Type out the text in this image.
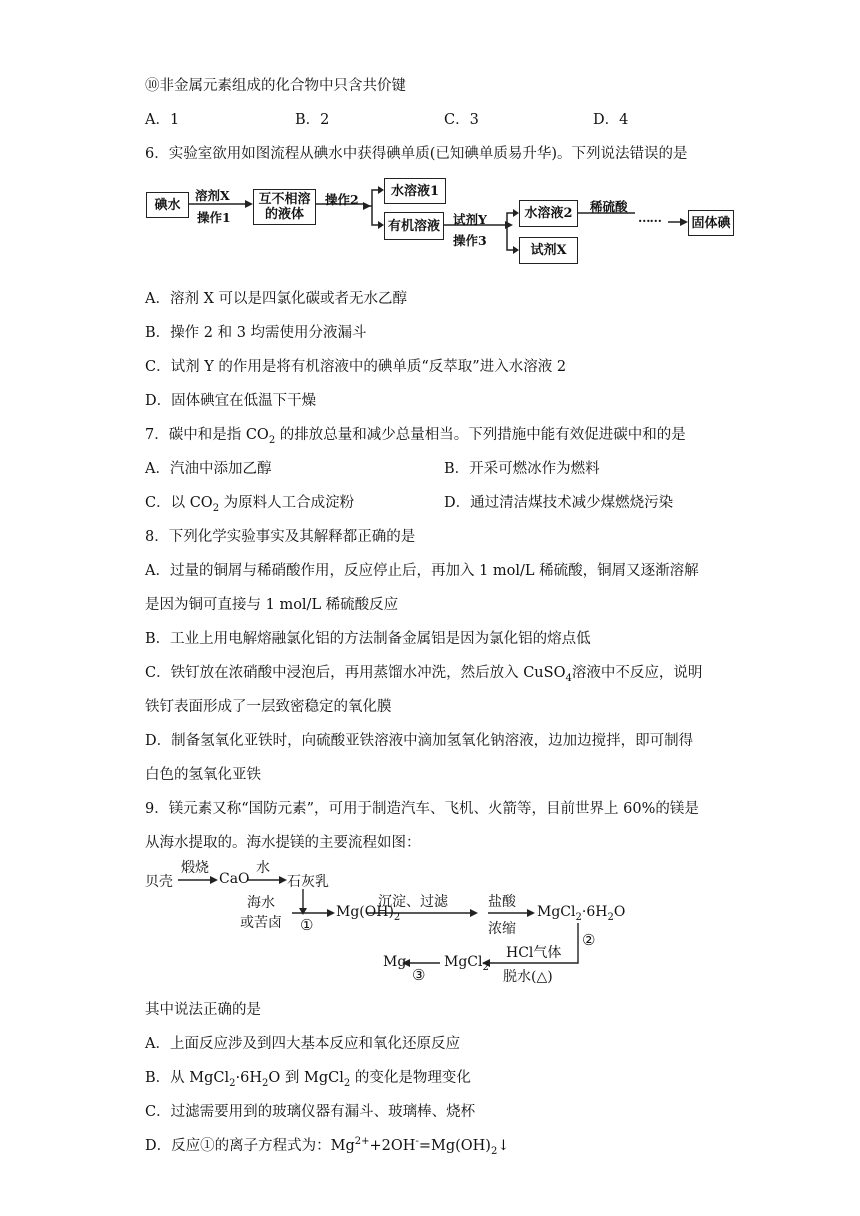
⑩非金属元素组成的化合物中只含共价键
A．1	B．2	C．3	D．4
6．实验室欲用如图流程从碘水中获得碘单质(已知碘单质易升华)。下列说法错误的是
碘水
溶剂X
操作1
互不相溶
的液体
操作2
水溶液1
有机溶液	试剂Y
操作3
水溶液2
试剂X
稀硫酸
…… 固体碘
A．溶剂 X 可以是四氯化碳或者无水乙醇
B．操作 2 和 3 均需使用分液漏斗
C．试剂 Y 的作用是将有机溶液中的碘单质“反萃取”进入水溶液 2
D．固体碘宜在低温下干燥
7．碳中和是指 $CO_2$ 的排放总量和减少总量相当。下列措施中能有效促进碳中和的是
A．汽油中添加乙醇	B．开采可燃冰作为燃料
C．以 $CO_2$ 为原料人工合成淀粉	D．通过清洁煤技术减少煤燃烧污染
8．下列化学实验事实及其解释都正确的是
A．过量的铜屑与稀硝酸作用，反应停止后，再加入 1 mol/L 稀硫酸，铜屑又逐渐溶解
是因为铜可直接与 1 mol/L 稀硫酸反应
B．工业上用电解熔融氯化铝的方法制备金属铝是因为氯化铝的熔点低
C．铁钉放在浓硝酸中浸泡后，再用蒸馏水冲洗，然后放入 CuSO$_4$溶液中不反应，说明
铁钉表面形成了一层致密稳定的氧化膜
D．制备氢氧化亚铁时，向硫酸亚铁溶液中滴加氢氧化钠溶液，边加边搅拌，即可制得
白色的氢氧化亚铁
9．镁元素又称“国防元素”，可用于制造汽车、飞机、火箭等，目前世界上 60%的镁是
从海水提取的。海水提镁的主要流程如图：
贝壳
煅烧
CaO
水
石灰乳
海水
或苦卤 ①
$Mg(OH)_2$
沉淀、过滤	盐酸
浓缩
$MgCl_2\cdot 6H_2O$
②
HCl气体
脱水(△)
MgCl$_2$
③
Mg
其中说法正确的是
A．上面反应涉及到四大基本反应和氧化还原反应
B．从 $MgCl_2\cdot 6H_2O$ 到 MgCl$_2$ 的变化是物理变化
C．过滤需要用到的玻璃仪器有漏斗、玻璃棒、烧杯
D．反应①的离子方程式为：$Mg^{2+}+2OH^-=Mg(OH)_2↓$
